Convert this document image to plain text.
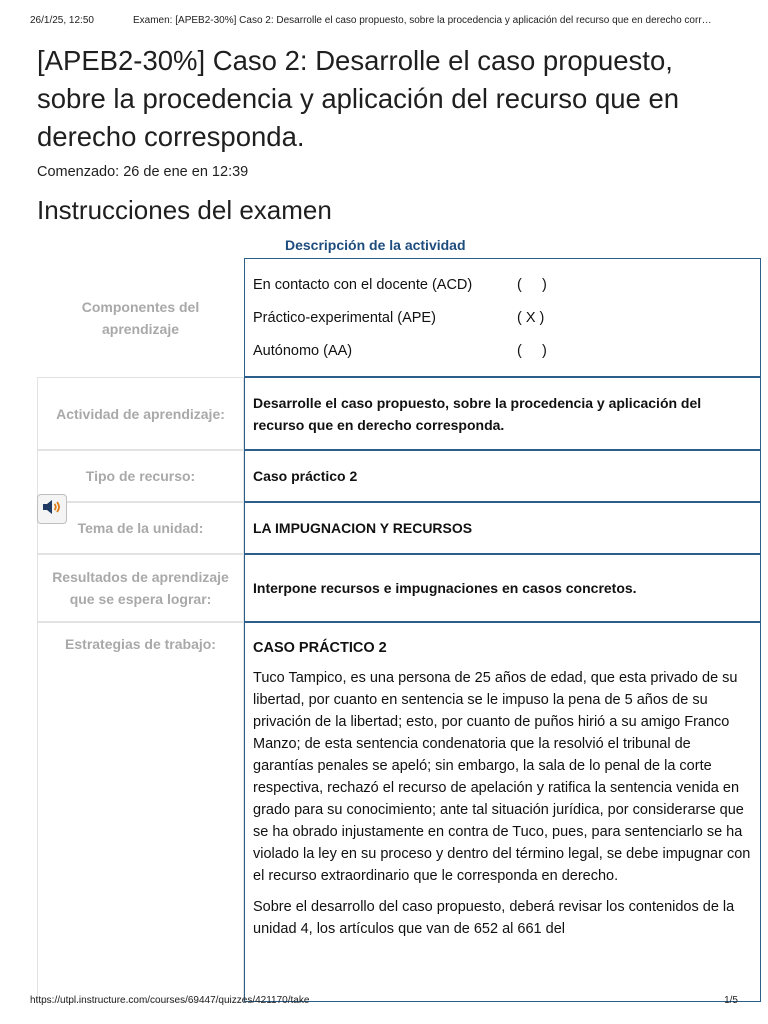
26/1/25, 12:50	Examen: [APEB2-30%] Caso 2: Desarrolle el caso propuesto, sobre la procedencia y aplicación del recurso que en derecho corr…
[APEB2-30%] Caso 2: Desarrolle el caso propuesto, sobre la procedencia y aplicación del recurso que en derecho corresponda.
Comenzado: 26 de ene en 12:39
Instrucciones del examen
Descripción de la actividad
Componentes del aprendizaje
En contacto con el docente (ACD)	(     )
Práctico-experimental (APE)	( X )
Autónomo (AA)	(     )
Actividad de aprendizaje:
Desarrolle el caso propuesto, sobre la procedencia y aplicación del recurso que en derecho corresponda.
Tipo de recurso:	Caso práctico 2
Tema de la unidad:	LA IMPUGNACION Y RECURSOS
Resultados de aprendizaje que se espera lograr:
Interpone recursos e impugnaciones en casos concretos.
Estrategias de trabajo:	CASO PRÁCTICO 2

Tuco Tampico, es una persona de 25 años de edad, que esta privado de su libertad, por cuanto en sentencia se le impuso la pena de 5 años de su privación de la libertad; esto, por cuanto de puños hirió a su amigo Franco Manzo; de esta sentencia condenatoria que la resolvió el tribunal de garantías penales se apeló; sin embargo, la sala de lo penal de la corte respectiva, rechazó el recurso de apelación y ratifica la sentencia venida en grado para su conocimiento; ante tal situación jurídica, por considerarse que se ha obrado injustamente en contra de Tuco, pues, para sentenciarlo se ha violado la ley en su proceso y dentro del término legal, se debe impugnar con el recurso extraordinario que le corresponda en derecho.

Sobre el desarrollo del caso propuesto, deberá revisar los contenidos de la unidad 4, los artículos que van de 652 al 661 del

https://utpl.instructure.com/courses/69447/quizzes/421170/take	1/5
